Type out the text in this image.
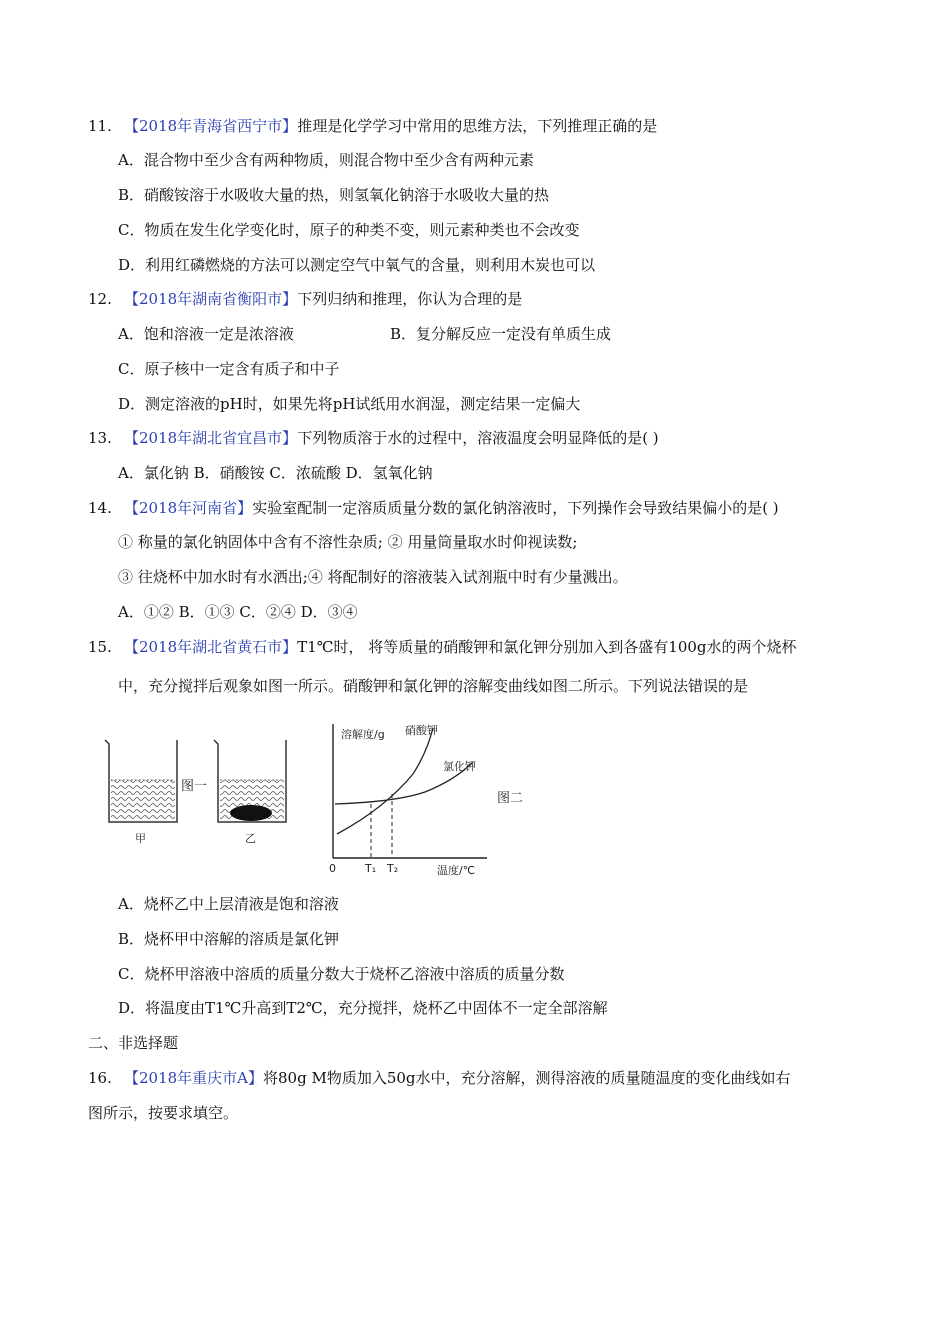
11. 【2018年青海省西宁市】推理是化学学习中常用的思维方法，下列推理正确的是
A．混合物中至少含有两种物质，则混合物中至少含有两种元素
B．硝酸铵溶于水吸收大量的热，则氢氧化钠溶于水吸收大量的热
C．物质在发生化学变化时，原子的种类不变，则元素种类也不会改变
D．利用红磷燃烧的方法可以测定空气中氧气的含量，则利用木炭也可以
12. 【2018年湖南省衡阳市】下列归纳和推理，你认为合理的是
A．饱和溶液一定是浓溶液	B．复分解反应一定没有单质生成
C．原子核中一定含有质子和中子
D．测定溶液的pH时，如果先将pH试纸用水润湿，测定结果一定偏大
13. 【2018年湖北省宜昌市】下列物质溶于水的过程中，溶液温度会明显降低的是( )
A．氯化钠 B．硝酸铵 C．浓硫酸 D．氢氧化钠
14. 【2018年河南省】实验室配制一定溶质质量分数的氯化钠溶液时，下列操作会导致结果偏小的是( )
① 称量的氯化钠固体中含有不溶性杂质; ② 用量筒量取水时仰视读数;
③ 往烧杯中加水时有水洒出;④ 将配制好的溶液装入试剂瓶中时有少量溅出。
A．①② B．①③ C．②④ D．③④
15. 【2018年湖北省黄石市】T1℃时， 将等质量的硝酸钾和氯化钾分别加入到各盛有100g水的两个烧杯
中，充分搅拌后观象如图一所示。硝酸钾和氯化钾的溶解变曲线如图二所示。下列说法错误的是
甲
图一
乙
溶解度/g 硝酸钾
氯化钾
0	T₁ T₂	温度/℃
图二
A．烧杯乙中上层清液是饱和溶液
B．烧杯甲中溶解的溶质是氯化钾
C．烧杯甲溶液中溶质的质量分数大于烧杯乙溶液中溶质的质量分数
D．将温度由T1℃升高到T2℃，充分搅拌，烧杯乙中固体不一定全部溶解
二、非选择题
16. 【2018年重庆市A】将80g M物质加入50g水中，充分溶解，测得溶液的质量随温度的变化曲线如右
图所示，按要求填空。
